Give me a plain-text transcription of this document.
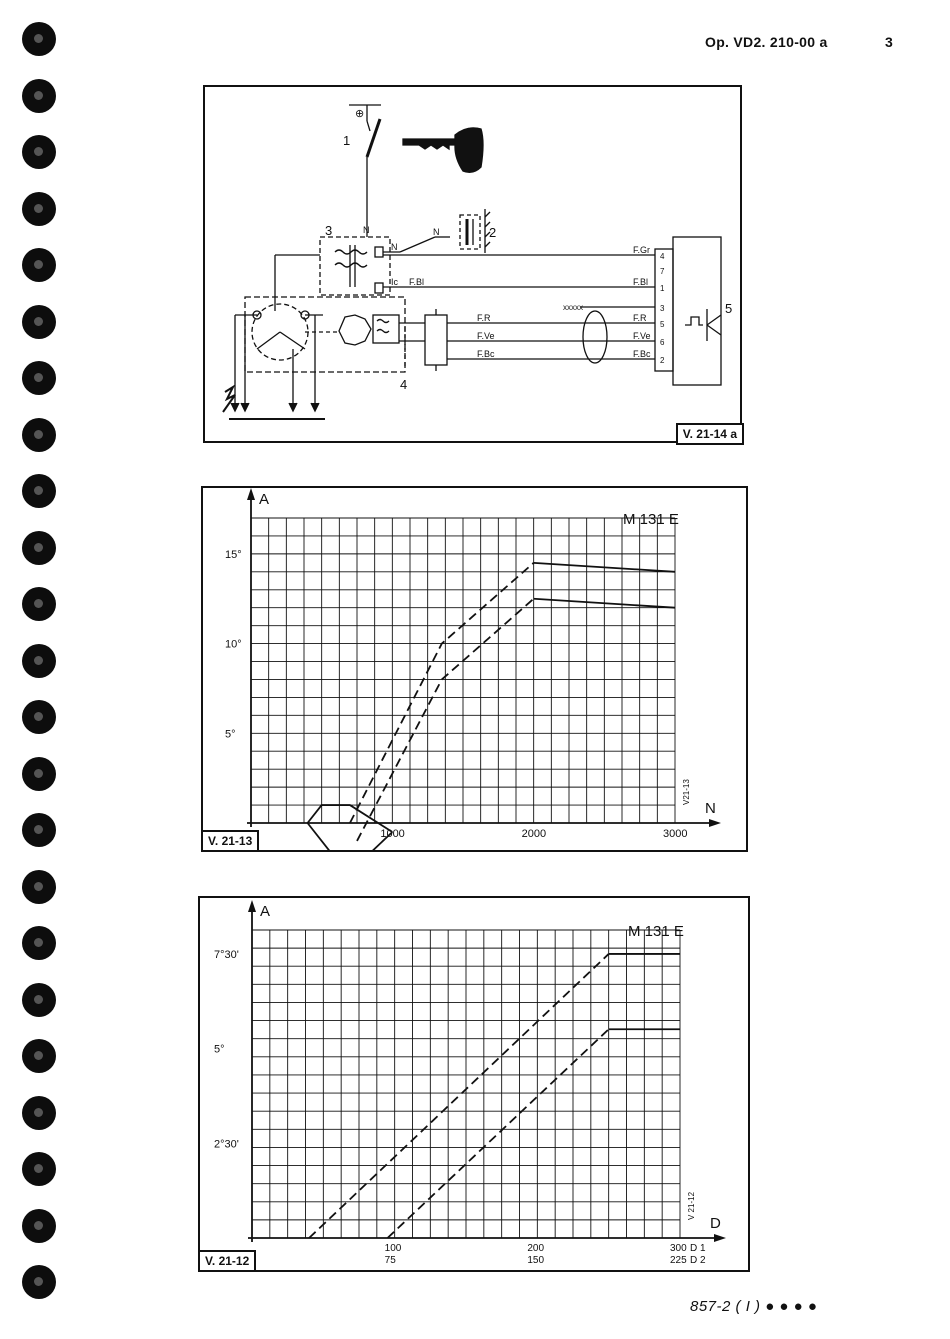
Op. VD2. 210-00 a	3
⊕
1
2
3
4
5
N	N
N
Ic F.Bl
F.R
F.Ve
F.Bc
F.Gr
F.Bl
F.R
F.Ve
F.Bc
xxxxx
4
7
1
3
5
6
2
V. 21-14 a
A
N
M 131 E
V21-13
15°
10°
5°
1000	2000	3000
V. 21-13
A
D
M 131 E
V 21-12
7°30'
5°
2°30'
100	200	300
75	150	225
D 1
D 2
V. 21-12
857-2 ( I ) ● ● ● ●
